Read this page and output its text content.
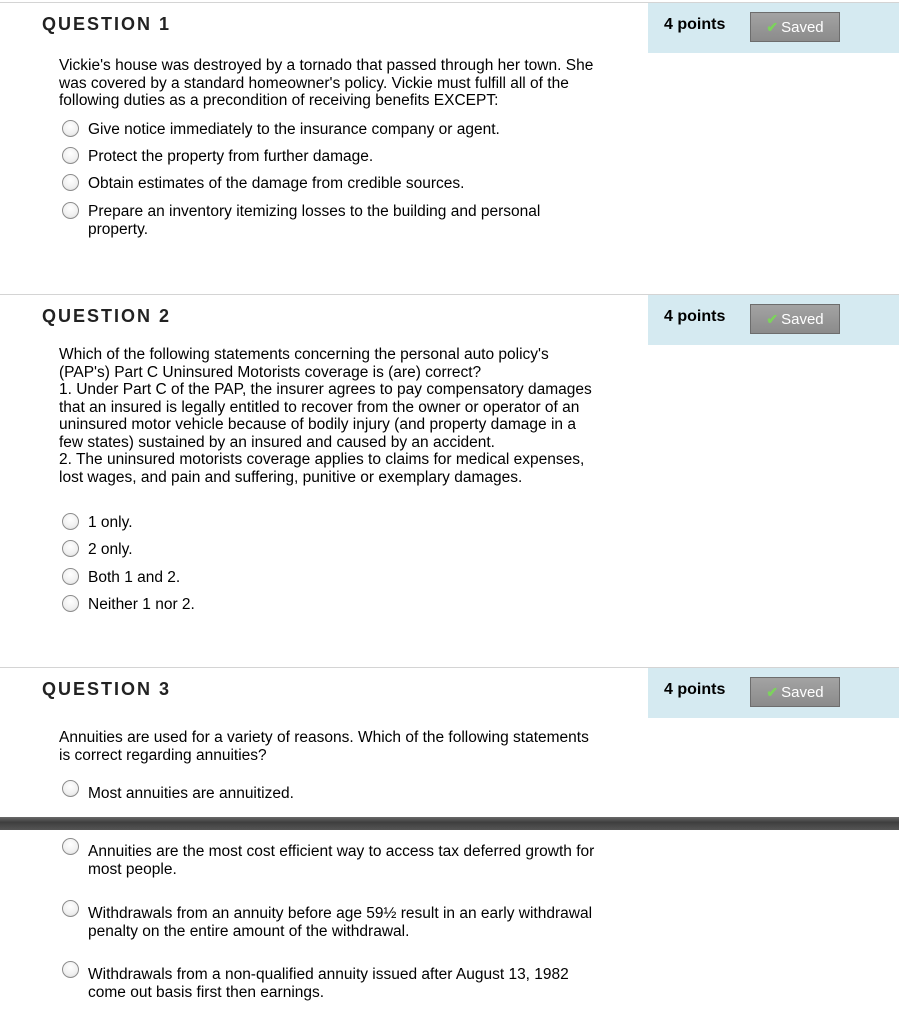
QUESTION 1	4 points	✔ Saved
Vickie's house was destroyed by a tornado that passed through her town. She
was covered by a standard homeowner's policy. Vickie must fulfill all of the
following duties as a precondition of receiving benefits EXCEPT:
Give notice immediately to the insurance company or agent.
Protect the property from further damage.
Obtain estimates of the damage from credible sources.
Prepare an inventory itemizing losses to the building and personal
property.
QUESTION 2	4 points	✔ Saved
Which of the following statements concerning the personal auto policy's
(PAP's) Part C Uninsured Motorists coverage is (are) correct?
1. Under Part C of the PAP, the insurer agrees to pay compensatory damages
that an insured is legally entitled to recover from the owner or operator of an
uninsured motor vehicle because of bodily injury (and property damage in a
few states) sustained by an insured and caused by an accident.
2. The uninsured motorists coverage applies to claims for medical expenses,
lost wages, and pain and suffering, punitive or exemplary damages.
1 only.
2 only.
Both 1 and 2.
Neither 1 nor 2.
QUESTION 3	4 points	✔ Saved
Annuities are used for a variety of reasons. Which of the following statements
is correct regarding annuities?
Most annuities are annuitized.
Annuities are the most cost efficient way to access tax deferred growth for
most people.
Withdrawals from an annuity before age 59½ result in an early withdrawal
penalty on the entire amount of the withdrawal.
Withdrawals from a non-qualified annuity issued after August 13, 1982
come out basis first then earnings.
